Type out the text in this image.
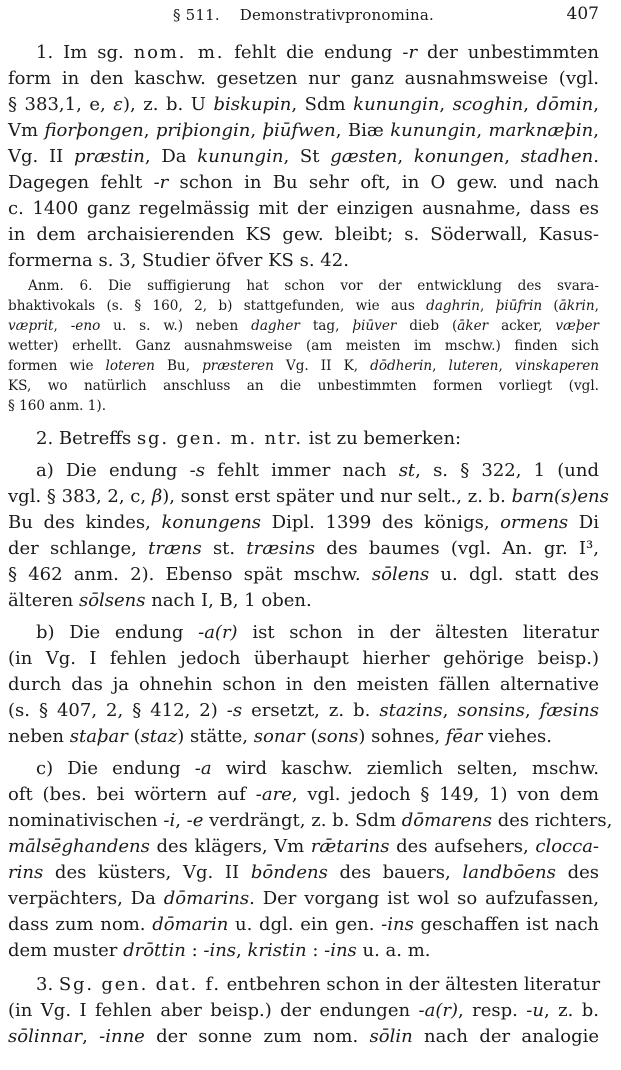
§ 511. Demonstrativpronomina.	407
1. Im sg. nom. m. fehlt die endung -r der unbestimmten
form in den kaschw. gesetzen nur ganz ausnahmsweise (vgl.
§ 383,1, e, ε), z. b. U biskupin, Sdm kunungin, scoghin, dōmin,
Vm fiorþongen, priþiongin, þiūfwen, Biæ kunungin, marknæþin,
Vg. II præstin, Da kunungin, St gæsten, konungen, stadhen.
Dagegen fehlt -r schon in Bu sehr oft, in O gew. und nach
c. 1400 ganz regelmässig mit der einzigen ausnahme, dass es
in dem archaisierenden KS gew. bleibt; s. Söderwall, Kasus-
formerna s. 3, Studier öfver KS s. 42.
Anm. 6. Die suffigierung hat schon vor der entwicklung des svara-
bhaktivokals (s. § 160, 2, b) stattgefunden, wie aus daghrin, þiūfrin (ākrin,
væprit, -eno u. s. w.) neben dagher tag, þiūver dieb (āker acker, væþer
wetter) erhellt. Ganz ausnahmsweise (am meisten im mschw.) finden sich
formen wie loteren Bu, præsteren Vg. II K, dōdherin, luteren, vinskaperen
KS, wo natürlich anschluss an die unbestimmten formen vorliegt (vgl.
§ 160 anm. 1).
2. Betreffs sg. gen. m. ntr. ist zu bemerken:
a) Die endung -s fehlt immer nach st, s. § 322, 1 (und
vgl. § 383, 2, c, β), sonst erst später und nur selt., z. b. barn(s)ens
Bu des kindes, konungens Dipl. 1399 des königs, ormens Di
der schlange, træns st. træsins des baumes (vgl. An. gr. I³,
§ 462 anm. 2). Ebenso spät mschw. sōlens u. dgl. statt des
älteren sōlsens nach I, B, 1 oben.
b) Die endung -a(r) ist schon in der ältesten literatur
(in Vg. I fehlen jedoch überhaupt hierher gehörige beisp.)
durch das ja ohnehin schon in den meisten fällen alternative
(s. § 407, 2, § 412, 2) -s ersetzt, z. b. stazins, sonsins, fæsins
neben staþar (staz) stätte, sonar (sons) sohnes, fēar viehes.
c) Die endung -a wird kaschw. ziemlich selten, mschw.
oft (bes. bei wörtern auf -are, vgl. jedoch § 149, 1) von dem
nominativischen -i, -e verdrängt, z. b. Sdm dōmarens des richters,
mālsēghandens des klägers, Vm rǣtarins des aufsehers, clocca-
rins des küsters, Vg. II bōndens des bauers, landbōens des
verpächters, Da dōmarins. Der vorgang ist wol so aufzufassen,
dass zum nom. dōmarin u. dgl. ein gen. -ins geschaffen ist nach
dem muster drōttin : -ins, kristin : -ins u. a. m.
3. Sg. gen. dat. f. entbehren schon in der ältesten literatur
(in Vg. I fehlen aber beisp.) der endungen -a(r), resp. -u, z. b.
sōlinnar, -inne der sonne zum nom. sōlin nach der analogie
